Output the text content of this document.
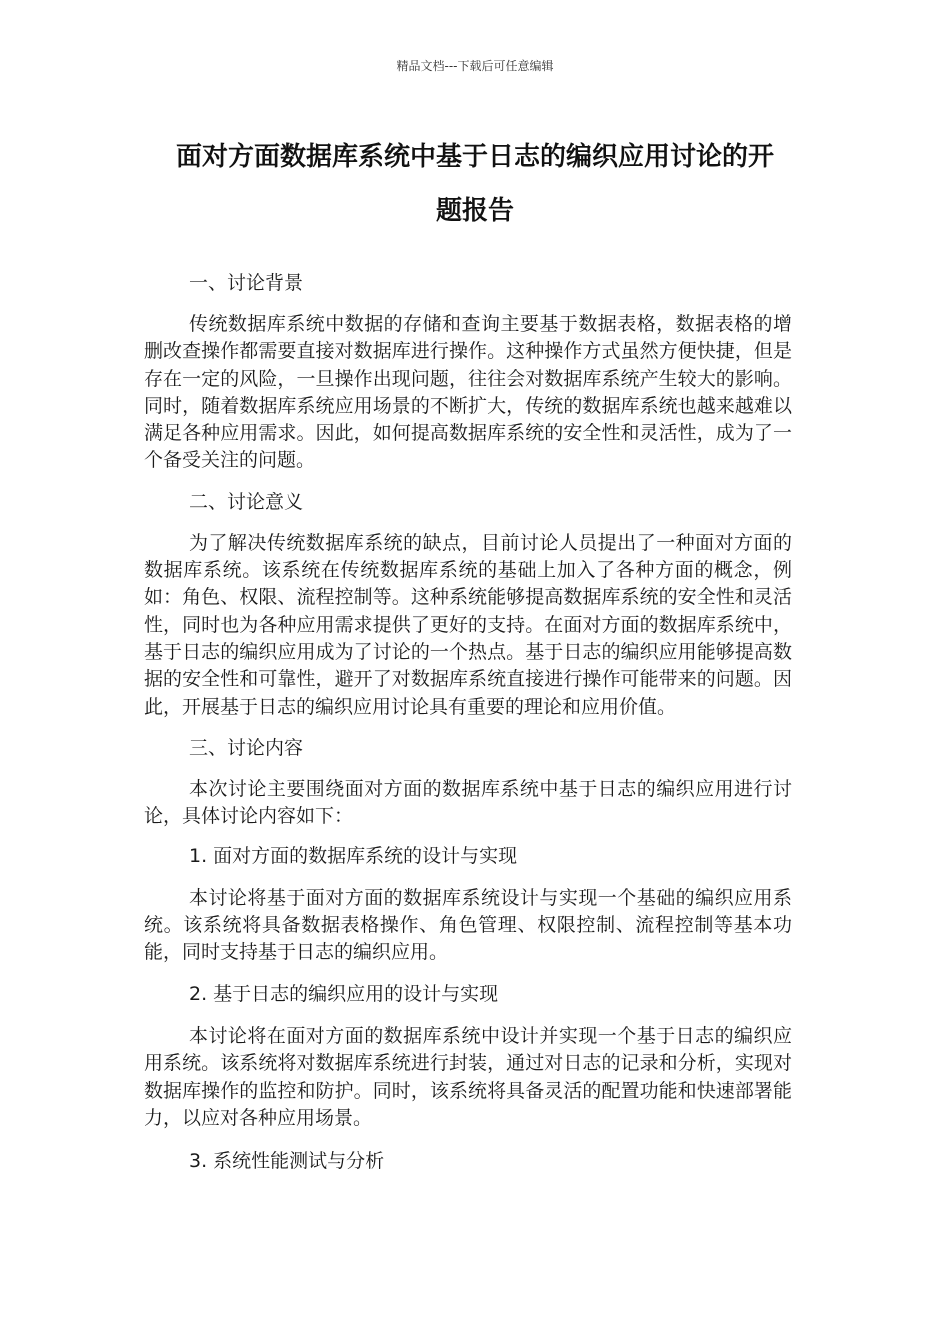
精品文档---下载后可任意编辑
面对方面数据库系统中基于日志的编织应用讨论的开
题报告

一、讨论背景

传统数据库系统中数据的存储和查询主要基于数据表格，数据表格的增删改查操作都需要直接对数据库进行操作。这种操作方式虽然方便快捷，但是存在一定的风险，一旦操作出现问题，往往会对数据库系统产生较大的影响。同时，随着数据库系统应用场景的不断扩大，传统的数据库系统也越来越难以满足各种应用需求。因此，如何提高数据库系统的安全性和灵活性，成为了一个备受关注的问题。

二、讨论意义

为了解决传统数据库系统的缺点，目前讨论人员提出了一种面对方面的数据库系统。该系统在传统数据库系统的基础上加入了各种方面的概念，例如：角色、权限、流程控制等。这种系统能够提高数据库系统的安全性和灵活性，同时也为各种应用需求提供了更好的支持。在面对方面的数据库系统中，基于日志的编织应用成为了讨论的一个热点。基于日志的编织应用能够提高数据的安全性和可靠性，避开了对数据库系统直接进行操作可能带来的问题。因此，开展基于日志的编织应用讨论具有重要的理论和应用价值。

三、讨论内容

本次讨论主要围绕面对方面的数据库系统中基于日志的编织应用进行讨论，具体讨论内容如下：

1. 面对方面的数据库系统的设计与实现

本讨论将基于面对方面的数据库系统设计与实现一个基础的编织应用系统。该系统将具备数据表格操作、角色管理、权限控制、流程控制等基本功能，同时支持基于日志的编织应用。

2. 基于日志的编织应用的设计与实现

本讨论将在面对方面的数据库系统中设计并实现一个基于日志的编织应用系统。该系统将对数据库系统进行封装，通过对日志的记录和分析，实现对数据库操作的监控和防护。同时，该系统将具备灵活的配置功能和快速部署能力，以应对各种应用场景。

3. 系统性能测试与分析
